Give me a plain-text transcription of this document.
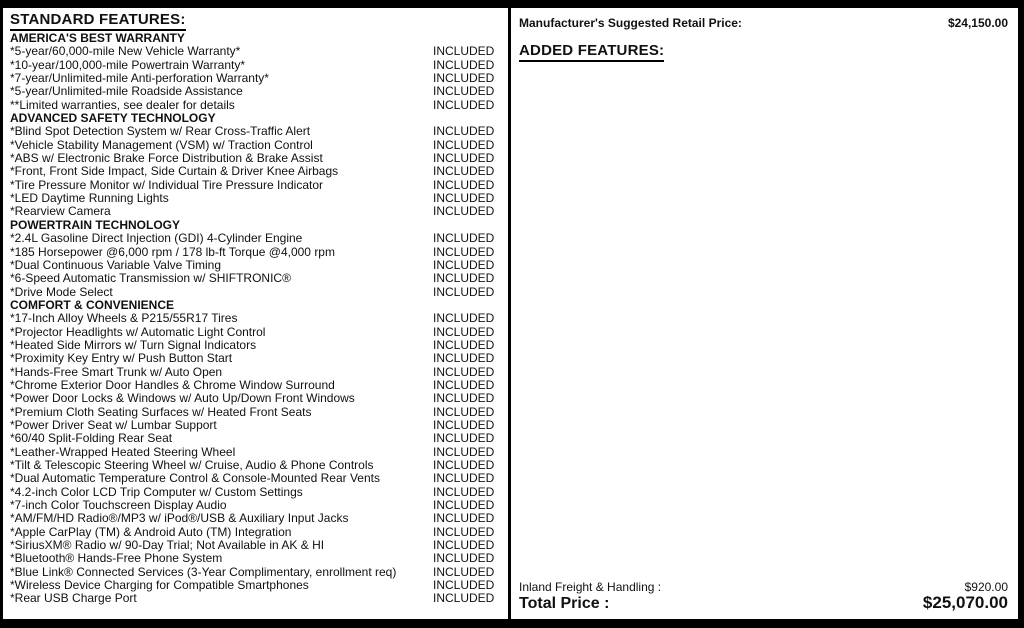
STANDARD FEATURES:
AMERICA'S BEST WARRANTY
*5-year/60,000-mile New Vehicle Warranty*	INCLUDED
*10-year/100,000-mile Powertrain Warranty*	INCLUDED
*7-year/Unlimited-mile Anti-perforation Warranty*	INCLUDED
*5-year/Unlimited-mile Roadside Assistance	INCLUDED
**Limited warranties, see dealer for details	INCLUDED
ADVANCED SAFETY TECHNOLOGY
*Blind Spot Detection System w/ Rear Cross-Traffic Alert	INCLUDED
*Vehicle Stability Management (VSM) w/ Traction Control	INCLUDED
*ABS w/ Electronic Brake Force Distribution & Brake Assist	INCLUDED
*Front, Front Side Impact, Side Curtain & Driver Knee Airbags	INCLUDED
*Tire Pressure Monitor w/ Individual Tire Pressure Indicator	INCLUDED
*LED Daytime Running Lights	INCLUDED
*Rearview Camera	INCLUDED
POWERTRAIN TECHNOLOGY
*2.4L Gasoline Direct Injection (GDI) 4-Cylinder Engine	INCLUDED
*185 Horsepower @6,000 rpm / 178 lb-ft Torque @4,000 rpm	INCLUDED
*Dual Continuous Variable Valve Timing	INCLUDED
*6-Speed Automatic Transmission w/ SHIFTRONIC®	INCLUDED
*Drive Mode Select	INCLUDED
COMFORT & CONVENIENCE
*17-Inch Alloy Wheels & P215/55R17 Tires	INCLUDED
*Projector Headlights w/ Automatic Light Control	INCLUDED
*Heated Side Mirrors w/ Turn Signal Indicators	INCLUDED
*Proximity Key Entry w/ Push Button Start	INCLUDED
*Hands-Free Smart Trunk w/ Auto Open	INCLUDED
*Chrome Exterior Door Handles & Chrome Window Surround	INCLUDED
*Power Door Locks & Windows w/ Auto Up/Down Front Windows	INCLUDED
*Premium Cloth Seating Surfaces w/ Heated Front Seats	INCLUDED
*Power Driver Seat w/ Lumbar Support	INCLUDED
*60/40 Split-Folding Rear Seat	INCLUDED
*Leather-Wrapped Heated Steering Wheel	INCLUDED
*Tilt & Telescopic Steering Wheel w/ Cruise, Audio & Phone Controls	INCLUDED
*Dual Automatic Temperature Control & Console-Mounted Rear Vents	INCLUDED
*4.2-inch Color LCD Trip Computer w/ Custom Settings	INCLUDED
*7-inch Color Touchscreen Display Audio	INCLUDED
*AM/FM/HD Radio®/MP3 w/ iPod®/USB & Auxiliary Input Jacks	INCLUDED
*Apple CarPlay (TM) & Android Auto (TM) Integration	INCLUDED
*SiriusXM® Radio w/ 90-Day Trial; Not Available in AK & HI	INCLUDED
*Bluetooth® Hands-Free Phone System	INCLUDED
*Blue Link® Connected Services (3-Year Complimentary, enrollment req)	INCLUDED
*Wireless Device Charging for Compatible Smartphones	INCLUDED
*Rear USB Charge Port	INCLUDED
Manufacturer's Suggested Retail Price:	$24,150.00
ADDED FEATURES:
Inland Freight & Handling :	$920.00
Total Price :	$25,070.00
